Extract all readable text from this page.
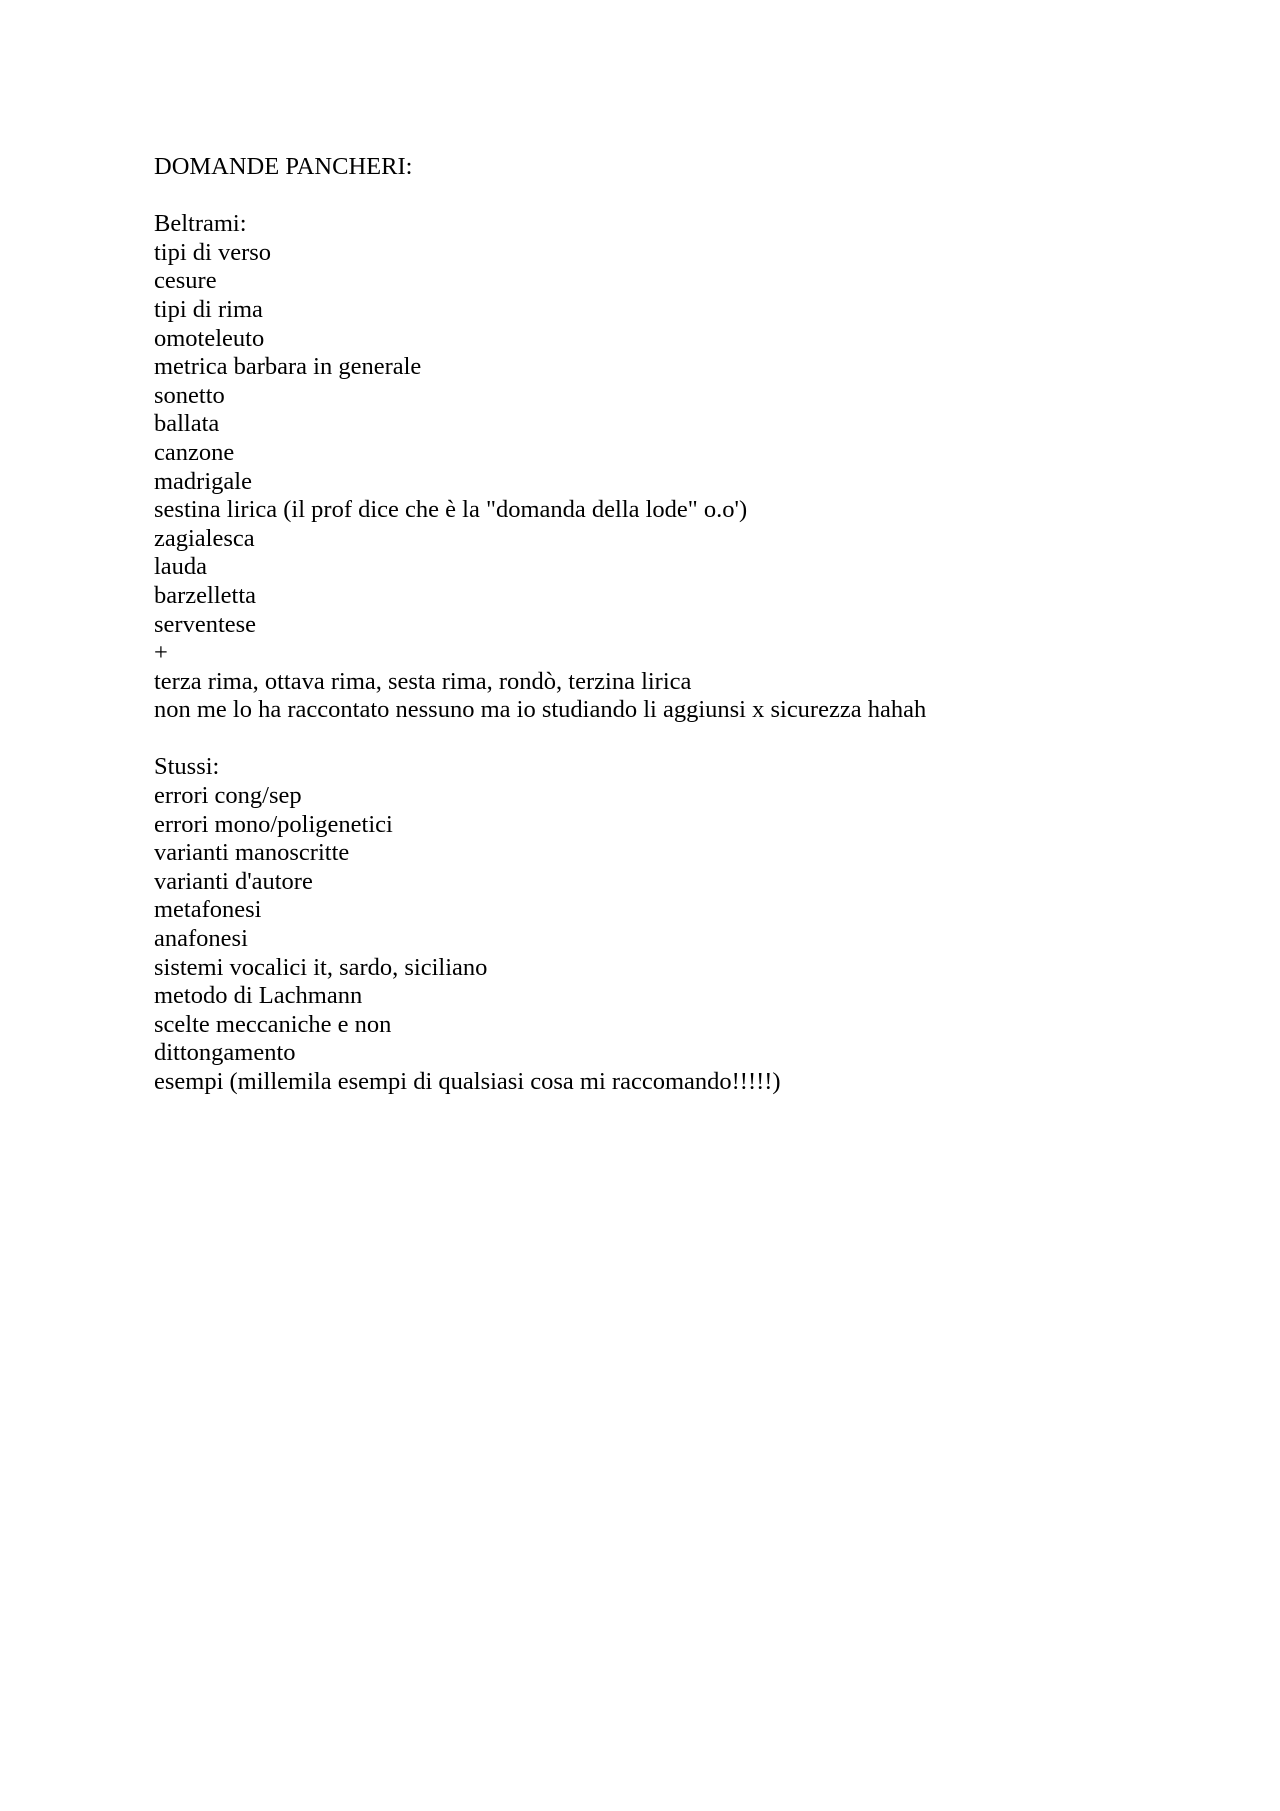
DOMANDE PANCHERI:
Beltrami:
tipi di verso
cesure
tipi di rima
omoteleuto
metrica barbara in generale
sonetto
ballata
canzone
madrigale
sestina lirica (il prof dice che è la "domanda della lode" o.o')
zagialesca
lauda
barzelletta
serventese
+
terza rima, ottava rima, sesta rima, rondò, terzina lirica
non me lo ha raccontato nessuno ma io studiando li aggiunsi x sicurezza hahah
Stussi:
errori cong/sep
errori mono/poligenetici
varianti manoscritte
varianti d'autore
metafonesi
anafonesi
sistemi vocalici it, sardo, siciliano
metodo di Lachmann
scelte meccaniche e non
dittongamento
esempi (millemila esempi di qualsiasi cosa mi raccomando!!!!!)
